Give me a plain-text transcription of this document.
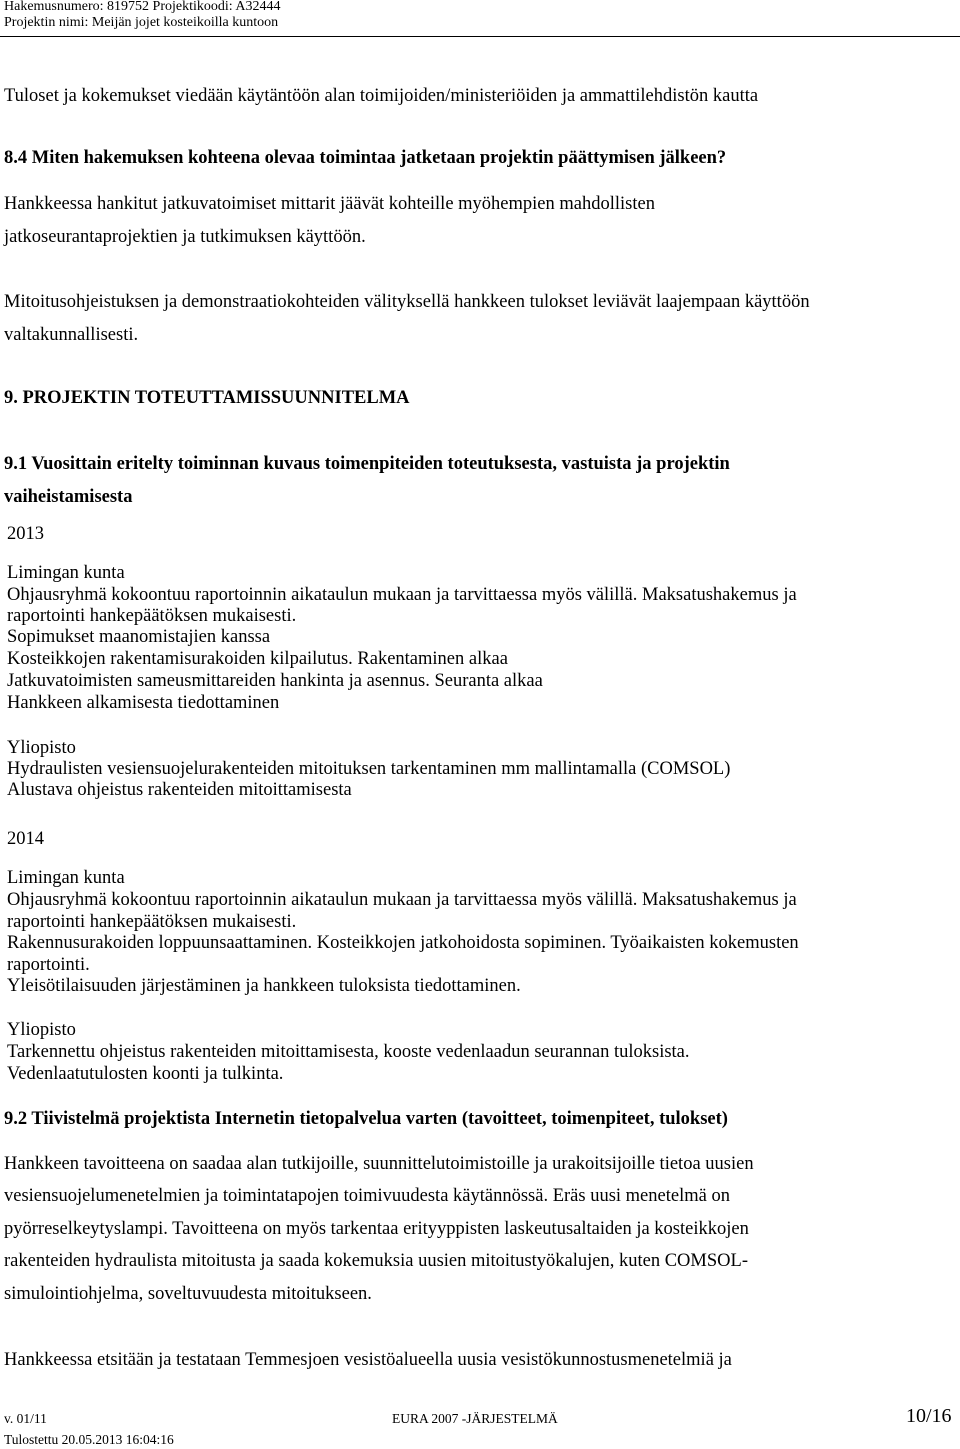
Hakemusnumero: 819752 Projektikoodi: A32444
Projektin nimi: Meijän jojet kosteikoilla kuntoon
Tuloset ja kokemukset viedään käytäntöön alan toimijoiden/ministeriöiden ja ammattilehdistön kautta
8.4 Miten hakemuksen kohteena olevaa toimintaa jatketaan projektin päättymisen jälkeen?
Hankkeessa hankitut jatkuvatoimiset mittarit jäävät kohteille myöhempien mahdollisten
jatkoseurantaprojektien ja tutkimuksen käyttöön.
Mitoitusohjeistuksen ja demonstraatiokohteiden välityksellä hankkeen tulokset leviävät laajempaan käyttöön
valtakunnallisesti.
9. PROJEKTIN TOTEUTTAMISSUUNNITELMA
9.1 Vuosittain eritelty toiminnan kuvaus toimenpiteiden toteutuksesta, vastuista ja projektin
vaiheistamisesta
2013
Limingan kunta
Ohjausryhmä kokoontuu raportoinnin aikataulun mukaan ja tarvittaessa myös välillä. Maksatushakemus ja
raportointi hankepäätöksen mukaisesti.
Sopimukset maanomistajien kanssa
Kosteikkojen rakentamisurakoiden kilpailutus. Rakentaminen alkaa
Jatkuvatoimisten sameusmittareiden hankinta ja asennus. Seuranta alkaa
Hankkeen alkamisesta tiedottaminen
Yliopisto
Hydraulisten vesiensuojelurakenteiden mitoituksen tarkentaminen mm mallintamalla (COMSOL)
Alustava ohjeistus rakenteiden mitoittamisesta
2014
Limingan kunta
Ohjausryhmä kokoontuu raportoinnin aikataulun mukaan ja tarvittaessa myös välillä. Maksatushakemus ja
raportointi hankepäätöksen mukaisesti.
Rakennusurakoiden loppuunsaattaminen. Kosteikkojen jatkohoidosta sopiminen. Työaikaisten kokemusten
raportointi.
Yleisötilaisuuden järjestäminen ja hankkeen tuloksista tiedottaminen.
Yliopisto
Tarkennettu ohjeistus rakenteiden mitoittamisesta, kooste vedenlaadun seurannan tuloksista.
Vedenlaatutulosten koonti ja tulkinta.
9.2 Tiivistelmä projektista Internetin tietopalvelua varten (tavoitteet, toimenpiteet, tulokset)
Hankkeen tavoitteena on saadaa alan tutkijoille, suunnittelutoimistoille ja urakoitsijoille tietoa uusien
vesiensuojelumenetelmien ja toimintatapojen toimivuudesta käytännössä. Eräs uusi menetelmä on
pyörreselkeytyslampi. Tavoitteena on myös tarkentaa erityyppisten laskeutusaltaiden ja kosteikkojen
rakenteiden hydraulista mitoitusta ja saada kokemuksia uusien mitoitustyökalujen, kuten COMSOL-
simulointiohjelma, soveltuvuudesta mitoitukseen.
Hankkeessa etsitään ja testataan Temmesjoen vesistöalueella uusia vesistökunnostusmenetelmiä ja
v. 01/11	EURA 2007 -JÄRJESTELMÄ	10/16
Tulostettu 20.05.2013 16:04:16
